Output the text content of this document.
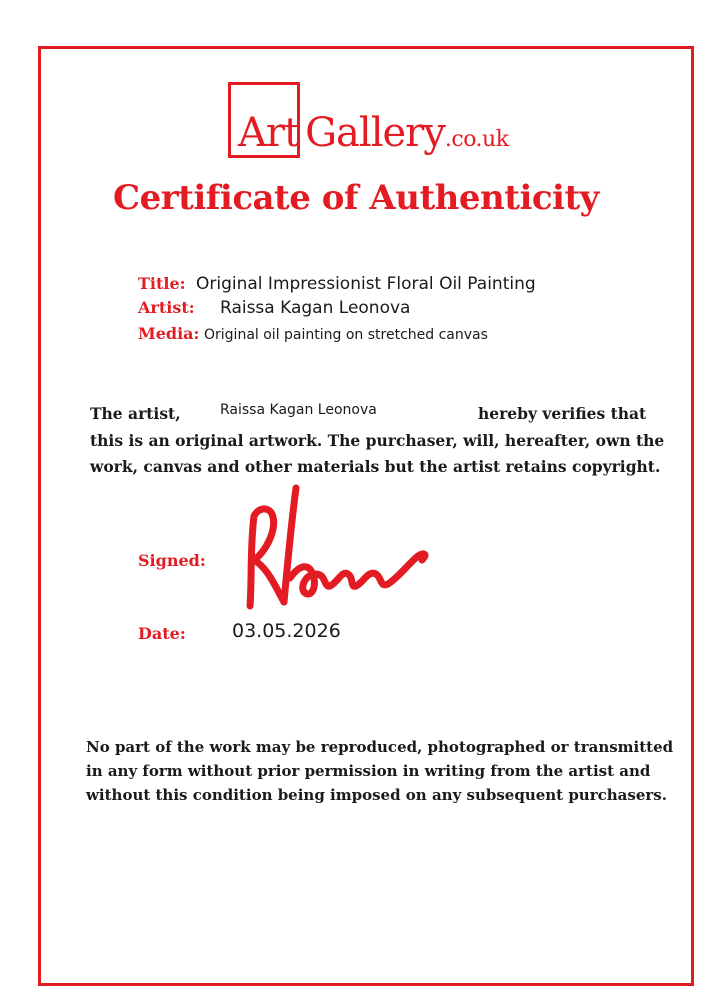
Art Gallery.co.uk
Certificate of Authenticity
Title: Original Impressionist Floral Oil Painting
Artist: Raissa Kagan Leonova
Media: Original oil painting on stretched canvas
The artist,	Raissa Kagan Leonova	hereby verifies that
this is an original artwork. The purchaser, will, hereafter, own the
work, canvas and other materials but the artist retains copyright.
Signed:
Date: 03.05.2026
No part of the work may be reproduced, photographed or transmitted
in any form without prior permission in writing from the artist and
without this condition being imposed on any subsequent purchasers.
